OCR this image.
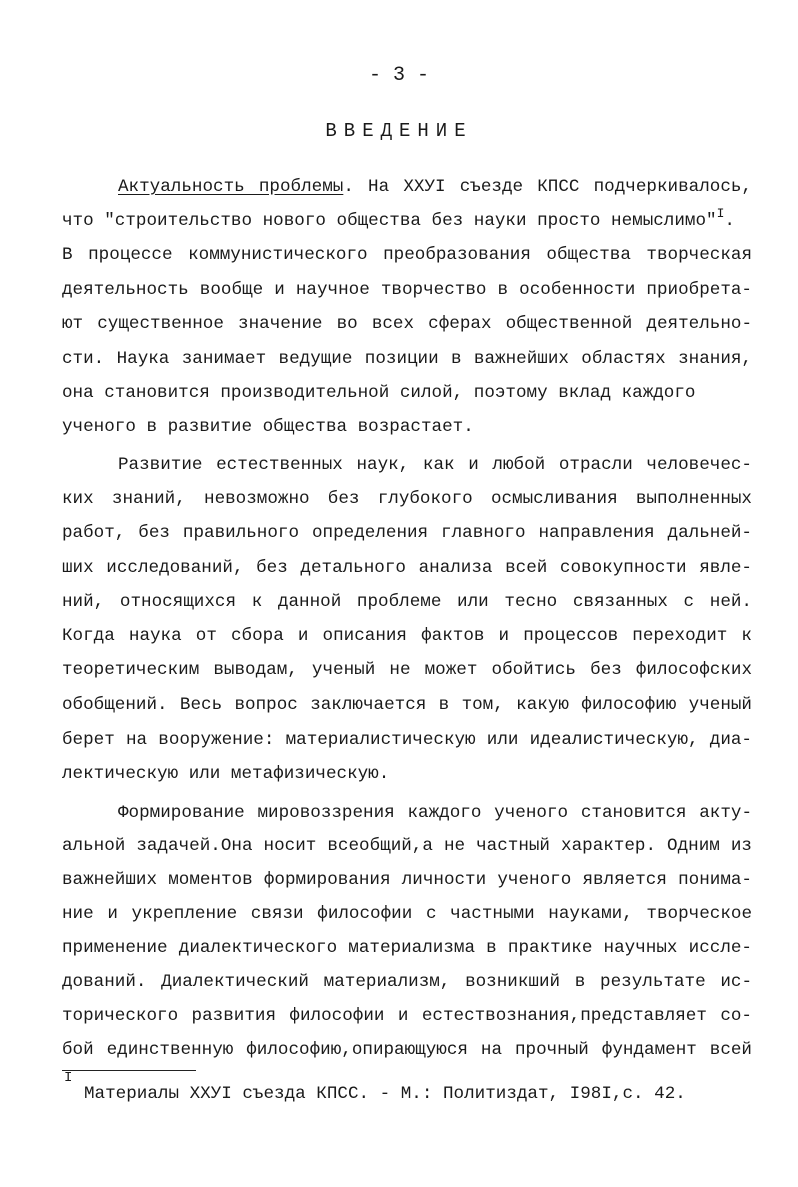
- 3 -
ВВЕДЕНИЕ
Актуальность проблемы. На ХХУI съезде КПСС подчеркивалось,
что "строительство нового общества без науки просто немыслимо"$^I$.
В процессе коммунистического преобразования общества творческая
деятельность вообще и научное творчество в особенности приобрета-
ют существенное значение во всех сферах общественной деятельно-
сти. Наука занимает ведущие позиции в важнейших областях знания,
она становится производительной силой, поэтому вклад каждого
ученого в развитие общества возрастает.
Развитие естественных наук, как и любой отрасли человечес-
ких знаний, невозможно без глубокого осмысливания выполненных
работ, без правильного определения главного направления дальней-
ших исследований, без детального анализа всей совокупности явле-
ний, относящихся к данной проблеме или тесно связанных с ней.
Когда наука от сбора и описания фактов и процессов переходит к
теоретическим выводам, ученый не может обойтись без философских
обобщений. Весь вопрос заключается в том, какую философию ученый
берет на вооружение: материалистическую или идеалистическую, диа-
лектическую или метафизическую.
Формирование мировоззрения каждого ученого становится акту-
альной задачей.Она носит всеобщий,а не частный характер. Одним из
важнейших моментов формирования личности ученого является понима-
ние и укрепление связи философии с частными науками, творческое
применение диалектического материализма в практике научных иссле-
дований. Диалектический материализм, возникший в результате ис-
торического развития философии и естествознания,представляет со-
бой единственную философию,опирающуюся на прочный фундамент всей
I
Материалы ХХУI съезда КПСС. - М.: Политиздат, I98I,с. 42.
